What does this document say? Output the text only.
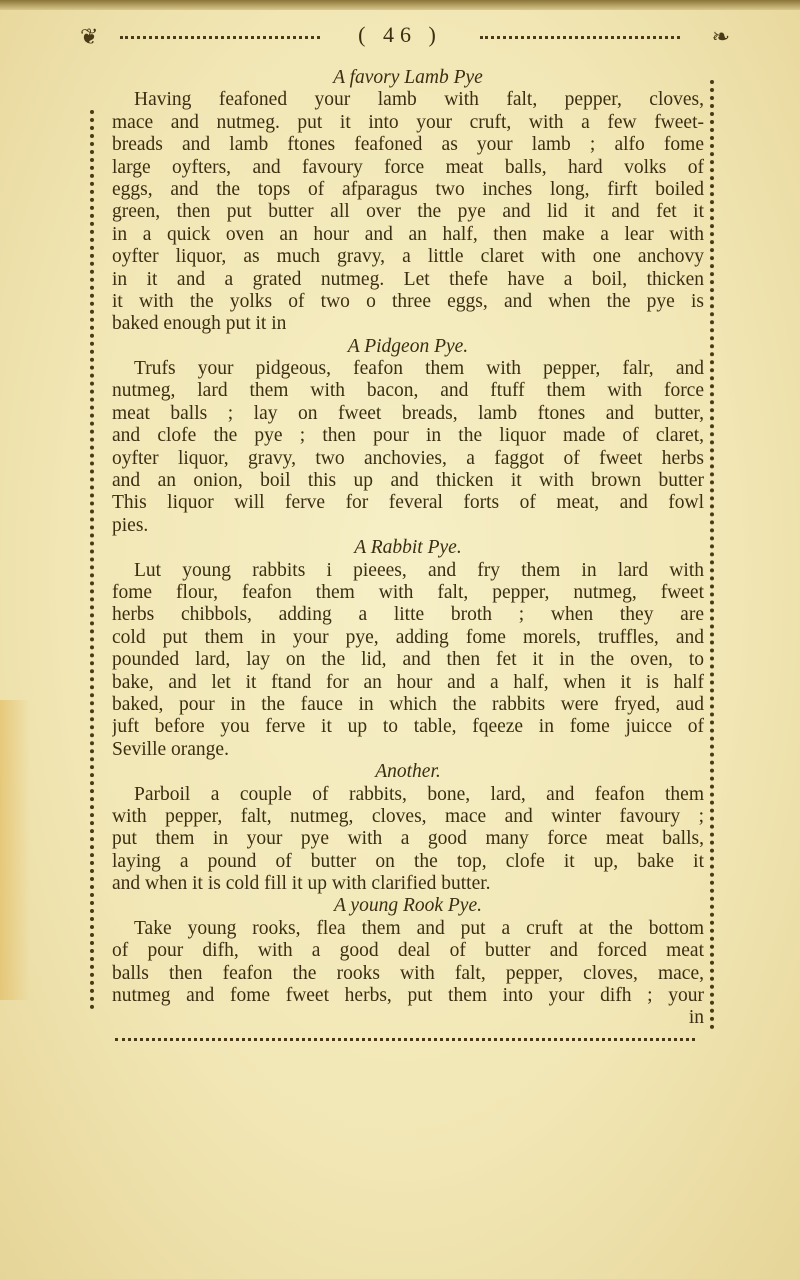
❦	( 46 )	❧
A favory Lamb Pye
Having feafoned your lamb with falt, pepper, cloves,
mace and nutmeg. put it into your cruft, with a few fweet-
breads and lamb ftones feafoned as your lamb ; alfo fome
large oyfters, and favoury force meat balls, hard volks of
eggs, and the tops of afparagus two inches long, firft boiled
green, then put butter all over the pye and lid it and fet it
in a quick oven an hour and an half, then make a lear with
oyfter liquor, as much gravy, a little claret with one anchovy
in it and a grated nutmeg. Let thefe have a boil, thicken
it with the yolks of two o three eggs, and when the pye is
baked enough put it in
A Pidgeon Pye.
Trufs your pidgeous, feafon them with pepper, falr, and
nutmeg, lard them with bacon, and ftuff them with force
meat balls ; lay on fweet breads, lamb ftones and butter,
and clofe the pye ; then pour in the liquor made of claret,
oyfter liquor, gravy, two anchovies, a faggot of fweet herbs
and an onion, boil this up and thicken it with brown butter
This liquor will ferve for feveral forts of meat, and fowl
pies.
A Rabbit Pye.
Lut young rabbits i pieees, and fry them in lard with
fome flour, feafon them with falt, pepper, nutmeg, fweet
herbs chibbols, adding a litte broth ; when they are
cold put them in your pye, adding fome morels, truffles, and
pounded lard, lay on the lid, and then fet it in the oven, to
bake, and let it ftand for an hour and a half, when it is half
baked, pour in the fauce in which the rabbits were fryed, aud
juft before you ferve it up to table, fqeeze in fome juicce of
Seville orange.
Another.
Parboil a couple of rabbits, bone, lard, and feafon them
with pepper, falt, nutmeg, cloves, mace and winter favoury ;
put them in your pye with a good many force meat balls,
laying a pound of butter on the top, clofe it up, bake it
and when it is cold fill it up with clarified butter.
A young Rook Pye.
Take young rooks, flea them and put a cruft at the bottom
of pour difh, with a good deal of butter and forced meat
balls then feafon the rooks with falt, pepper, cloves, mace,
nutmeg and fome fweet herbs, put them into your difh ; your
in
